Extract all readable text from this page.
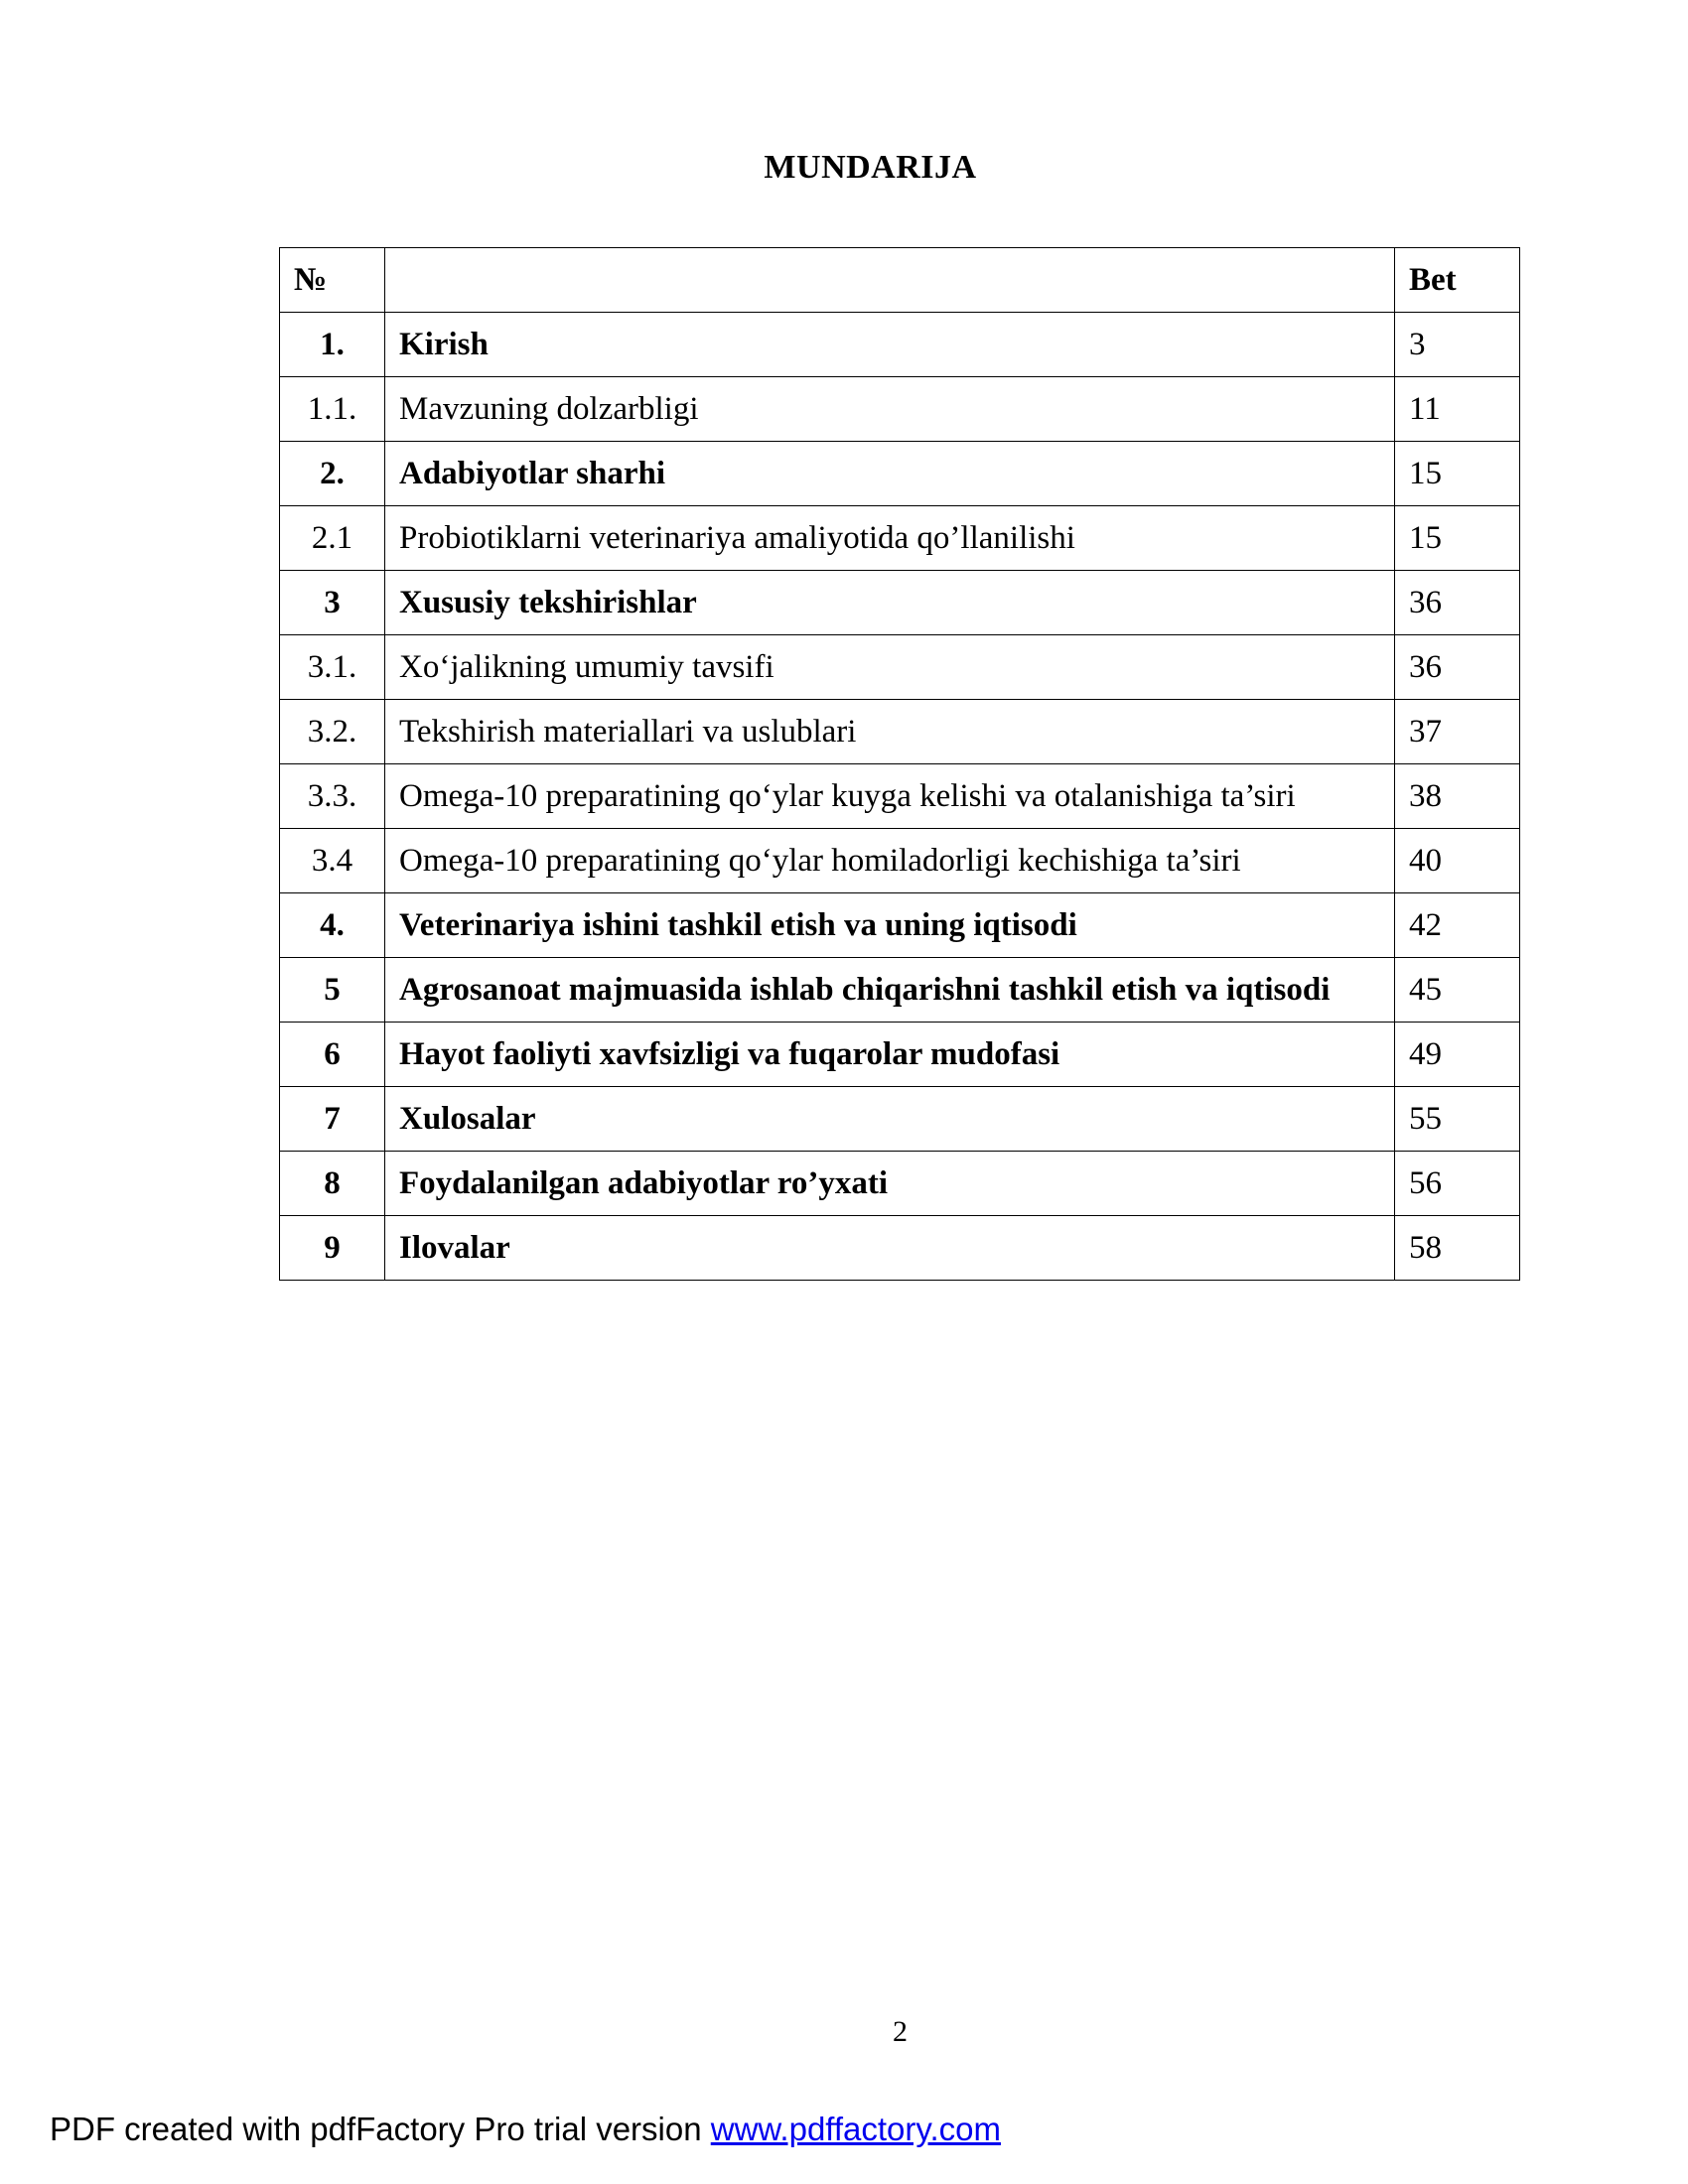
MUNDARIJA
№		Bet
1.	Kirish	3
1.1.	Mavzuning dolzarbligi	11
2.	Adabiyotlar sharhi	15
2.1	Probiotiklarni veterinariya amaliyotida qo’llanilishi	15
3	Xususiy tekshirishlar	36
3.1.	Xo‘jalikning umumiy tavsifi	36
3.2.	Tekshirish materiallari va uslublari	37
3.3.	Omega-10 preparatining qo‘ylar kuyga kelishi va otalanishiga ta’siri	38
3.4	Omega-10 preparatining qo‘ylar homiladorligi kechishiga ta’siri	40
4.	Veterinariya ishini tashkil etish va uning iqtisodi	42
5	Agrosanoat majmuasida ishlab chiqarishni tashkil etish va iqtisodi	45
6	Hayot faoliyti xavfsizligi va fuqarolar mudofasi	49
7	Xulosalar	55
8	Foydalanilgan adabiyotlar ro’yxati	56
9	Ilovalar	58
2
PDF created with pdfFactory Pro trial version www.pdffactory.com
